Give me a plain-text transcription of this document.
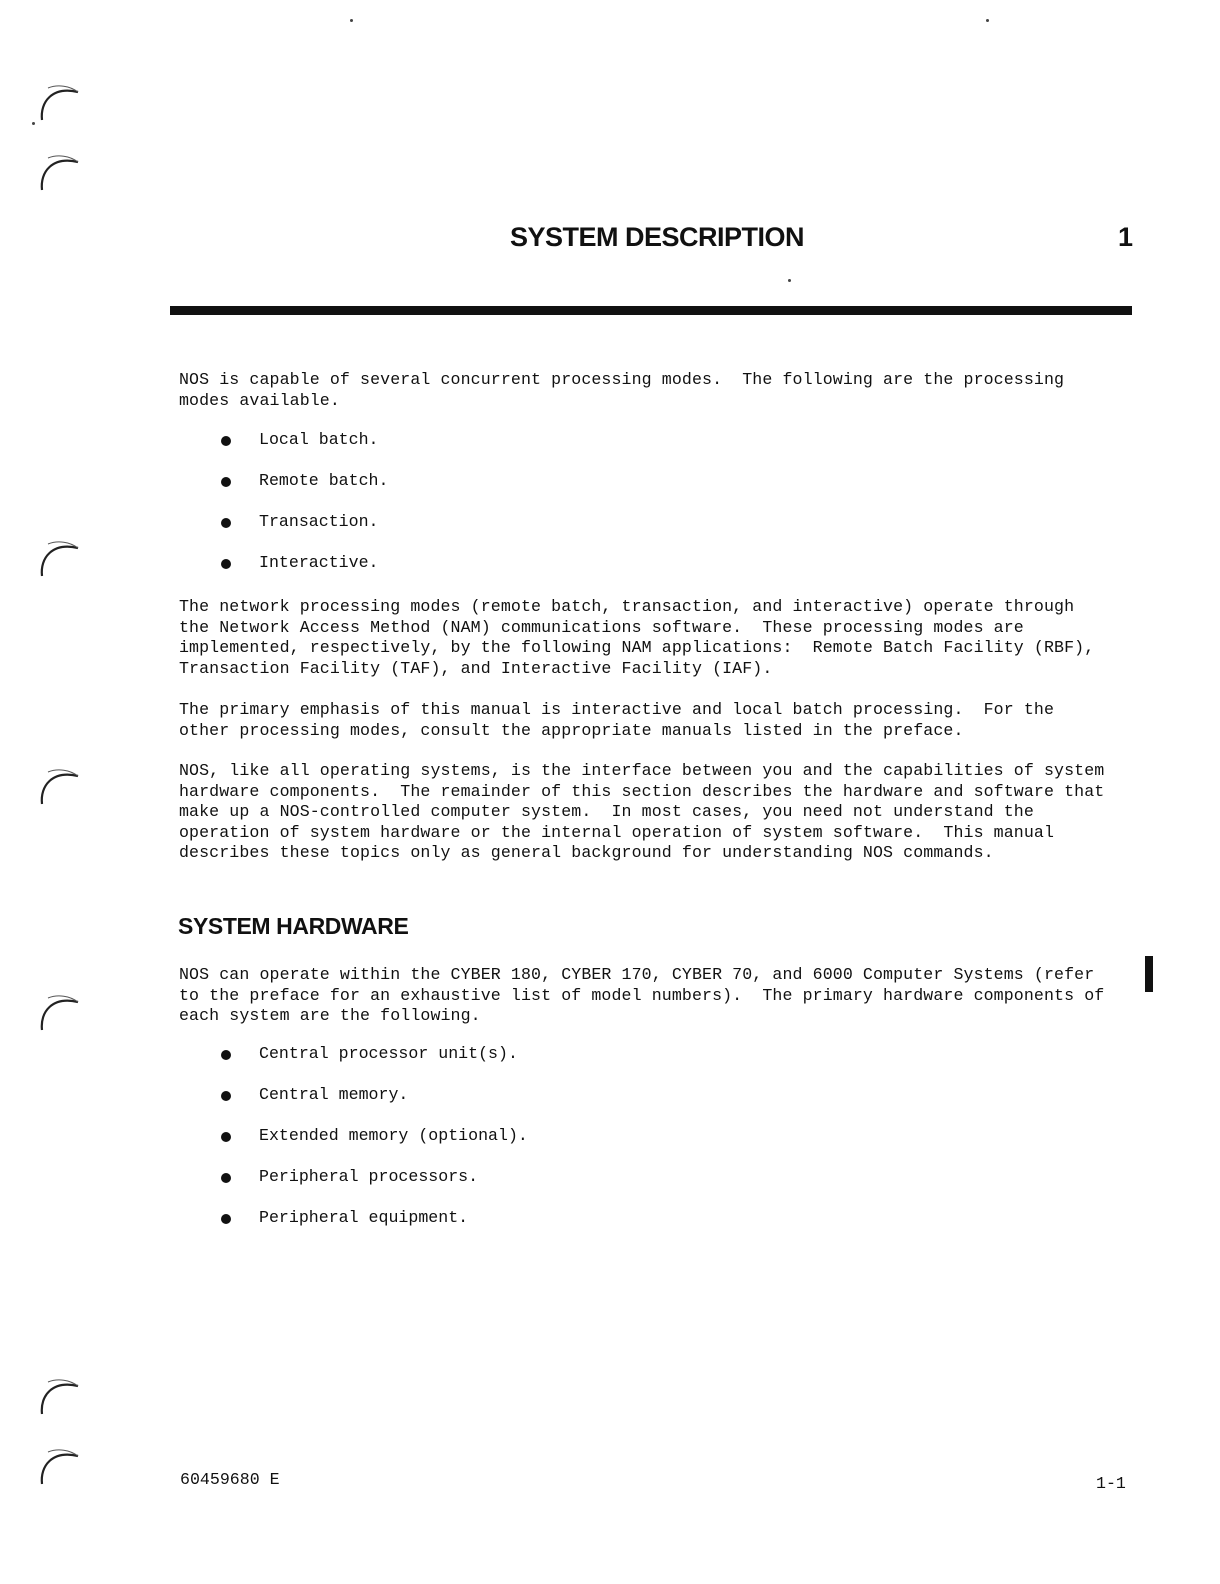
SYSTEM DESCRIPTION	1

NOS is capable of several concurrent processing modes.  The following are the processing
modes available.

Local batch.
Remote batch.
Transaction.
Interactive.

The network processing modes (remote batch, transaction, and interactive) operate through
the Network Access Method (NAM) communications software.  These processing modes are
implemented, respectively, by the following NAM applications:  Remote Batch Facility (RBF),
Transaction Facility (TAF), and Interactive Facility (IAF).

The primary emphasis of this manual is interactive and local batch processing.  For the
other processing modes, consult the appropriate manuals listed in the preface.

NOS, like all operating systems, is the interface between you and the capabilities of system
hardware components.  The remainder of this section describes the hardware and software that
make up a NOS-controlled computer system.  In most cases, you need not understand the
operation of system hardware or the internal operation of system software.  This manual
describes these topics only as general background for understanding NOS commands.

SYSTEM HARDWARE

NOS can operate within the CYBER 180, CYBER 170, CYBER 70, and 6000 Computer Systems (refer
to the preface for an exhaustive list of model numbers).  The primary hardware components of
each system are the following.

Central processor unit(s).
Central memory.
Extended memory (optional).
Peripheral processors.
Peripheral equipment.
60459680 E	1-1
